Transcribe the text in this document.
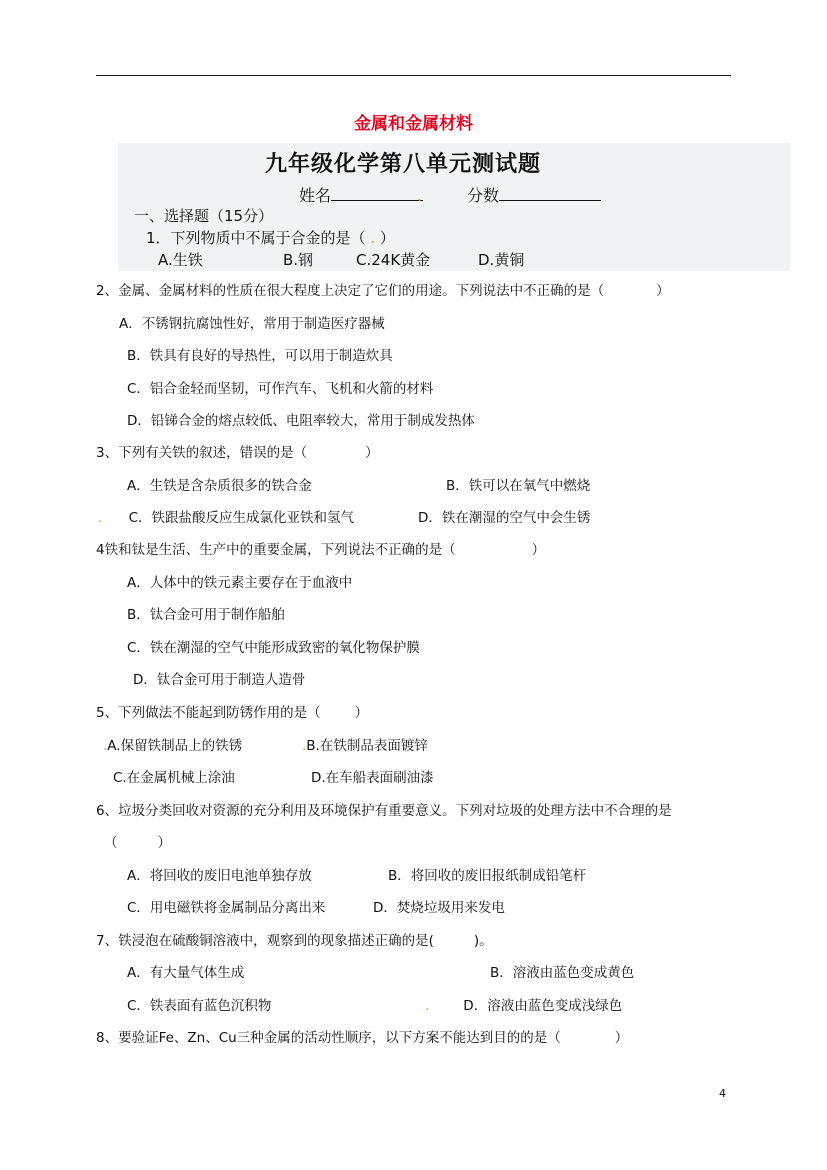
金属和金属材料
九年级化学第八单元测试题
姓名	.	分数
一、选择题（15分）
1．下列物质中不属于合金的是（ . ）
A.生铁	B.钢	C.24K黄金	D.黄铜
2、金属、金属材料的性质在很大程度上决定了它们的用途。下列说法中不正确的是（	）
A．不锈钢抗腐蚀性好，常用于制造医疗器械
B．铁具有良好的导热性，可以用于制造炊具
C．铝合金轻而坚韧，可作汽车、飞机和火箭的材料
D．铅锑合金的熔点较低、电阻率较大，常用于制成发热体
3、下列有关铁的叙述，错误的是（	）
A．生铁是含杂质很多的铁合金	B．铁可以在氧气中燃烧
. C．铁跟盐酸反应生成氯化亚铁和氢气	D．铁在潮湿的空气中会生锈
4铁和钛是生活、生产中的重要金属，下列说法不正确的是（	）
A．人体中的铁元素主要存在于血液中
B．钛合金可用于制作船舶
C．铁在潮湿的空气中能形成致密的氧化物保护膜
D．钛合金可用于制造人造骨
5、下列做法不能起到防锈作用的是（	）
.A.保留铁制品上的铁锈	.B.在铁制品表面镀锌
C.在金属机械上涂油	D.在车船表面刷油漆
6、垃圾分类回收对资源的充分利用及环境保护有重要意义。下列对垃圾的处理方法中不合理的是
（	）
A．将回收的废旧电池单独存放	B．将回收的废旧报纸制成铅笔杆
C．用电磁铁将金属制品分离出来	D．焚烧垃圾用来发电
7、铁浸泡在硫酸铜溶液中，观察到的现象描述正确的是(	)。
A．有大量气体生成	B．溶液由蓝色变成黄色
C．铁表面有蓝色沉积物	.	D．溶液由蓝色变成浅绿色
8、要验证Fe、Zn、Cu三种金属的活动性顺序，以下方案不能达到目的的是（	）
4
